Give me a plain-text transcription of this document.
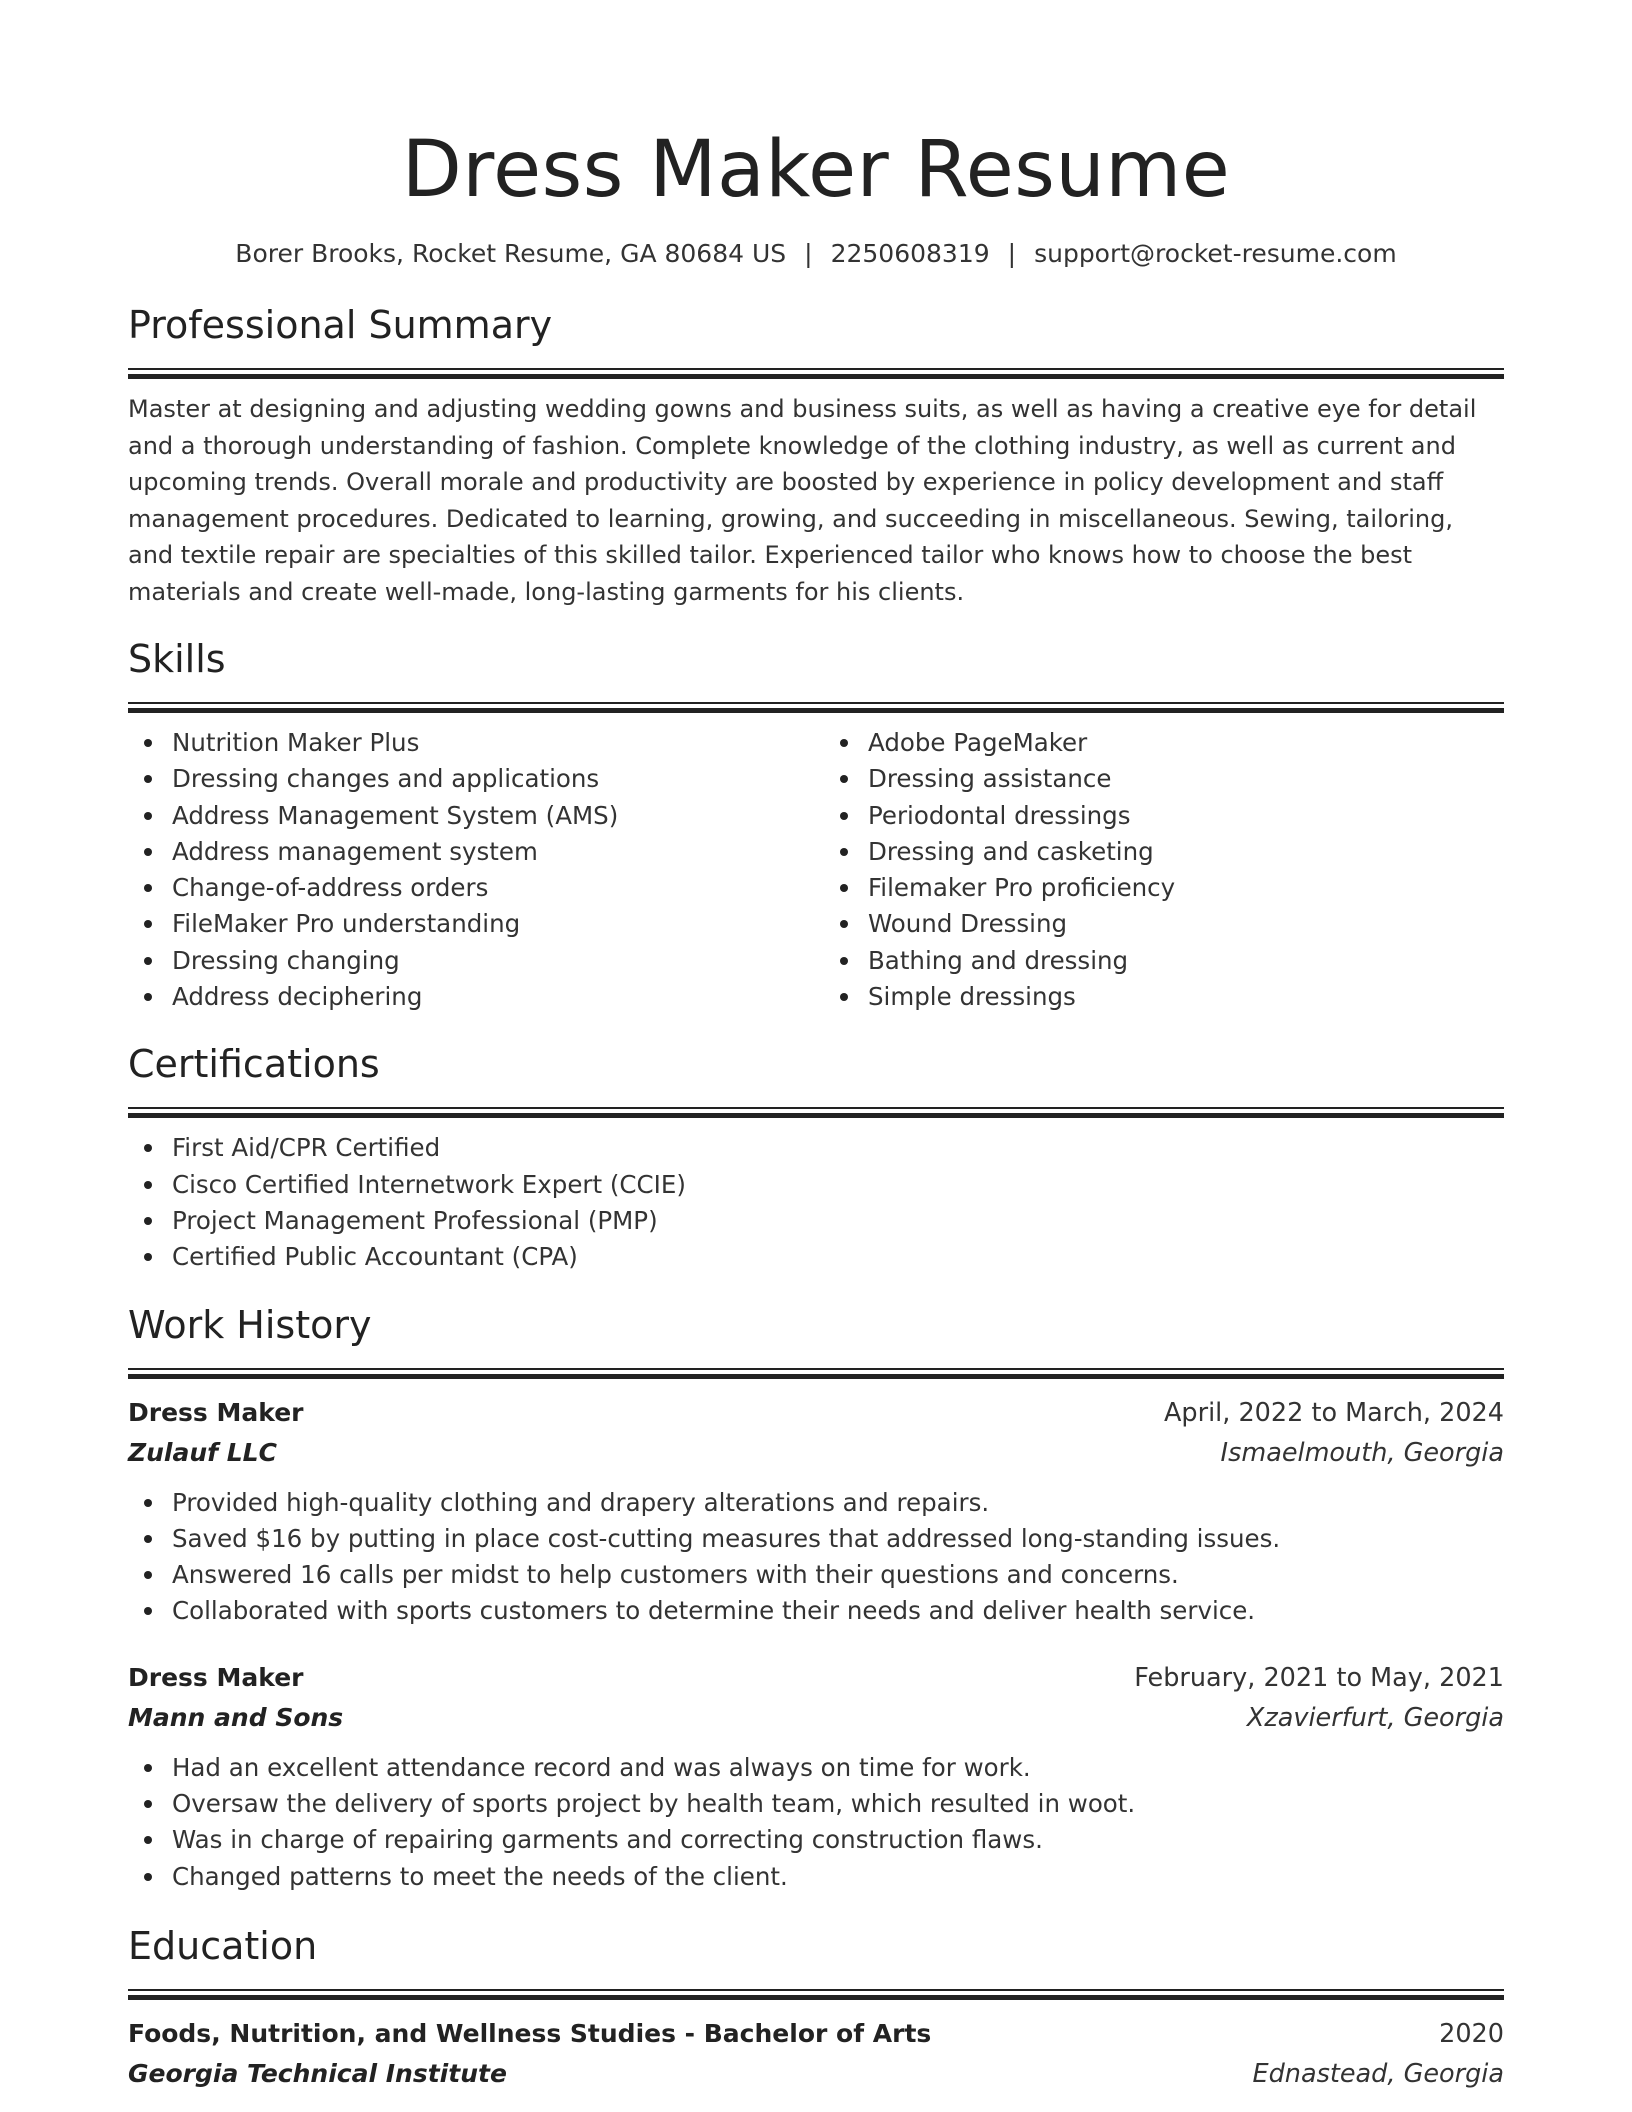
Dress Maker Resume
Borer Brooks, Rocket Resume, GA 80684 US | 2250608319 | support@rocket-resume.com
Professional Summary
Master at designing and adjusting wedding gowns and business suits, as well as having a creative eye for detail and a thorough understanding of fashion. Complete knowledge of the clothing industry, as well as current and upcoming trends. Overall morale and productivity are boosted by experience in policy development and staff management procedures. Dedicated to learning, growing, and succeeding in miscellaneous. Sewing, tailoring, and textile repair are specialties of this skilled tailor. Experienced tailor who knows how to choose the best materials and create well-made, long-lasting garments for his clients.
Skills
Nutrition Maker Plus
Dressing changes and applications
Address Management System (AMS)
Address management system
Change-of-address orders
FileMaker Pro understanding
Dressing changing
Address deciphering
Adobe PageMaker
Dressing assistance
Periodontal dressings
Dressing and casketing
Filemaker Pro proficiency
Wound Dressing
Bathing and dressing
Simple dressings
Certifications
First Aid/CPR Certified
Cisco Certified Internetwork Expert (CCIE)
Project Management Professional (PMP)
Certified Public Accountant (CPA)
Work History
Dress Maker	April, 2022 to March, 2024
Zulauf LLC	Ismaelmouth, Georgia
Provided high-quality clothing and drapery alterations and repairs.
Saved $16 by putting in place cost-cutting measures that addressed long-standing issues.
Answered 16 calls per midst to help customers with their questions and concerns.
Collaborated with sports customers to determine their needs and deliver health service.
Dress Maker	February, 2021 to May, 2021
Mann and Sons	Xzavierfurt, Georgia
Had an excellent attendance record and was always on time for work.
Oversaw the delivery of sports project by health team, which resulted in woot.
Was in charge of repairing garments and correcting construction flaws.
Changed patterns to meet the needs of the client.
Education
Foods, Nutrition, and Wellness Studies - Bachelor of Arts	2020
Georgia Technical Institute	Ednastead, Georgia
